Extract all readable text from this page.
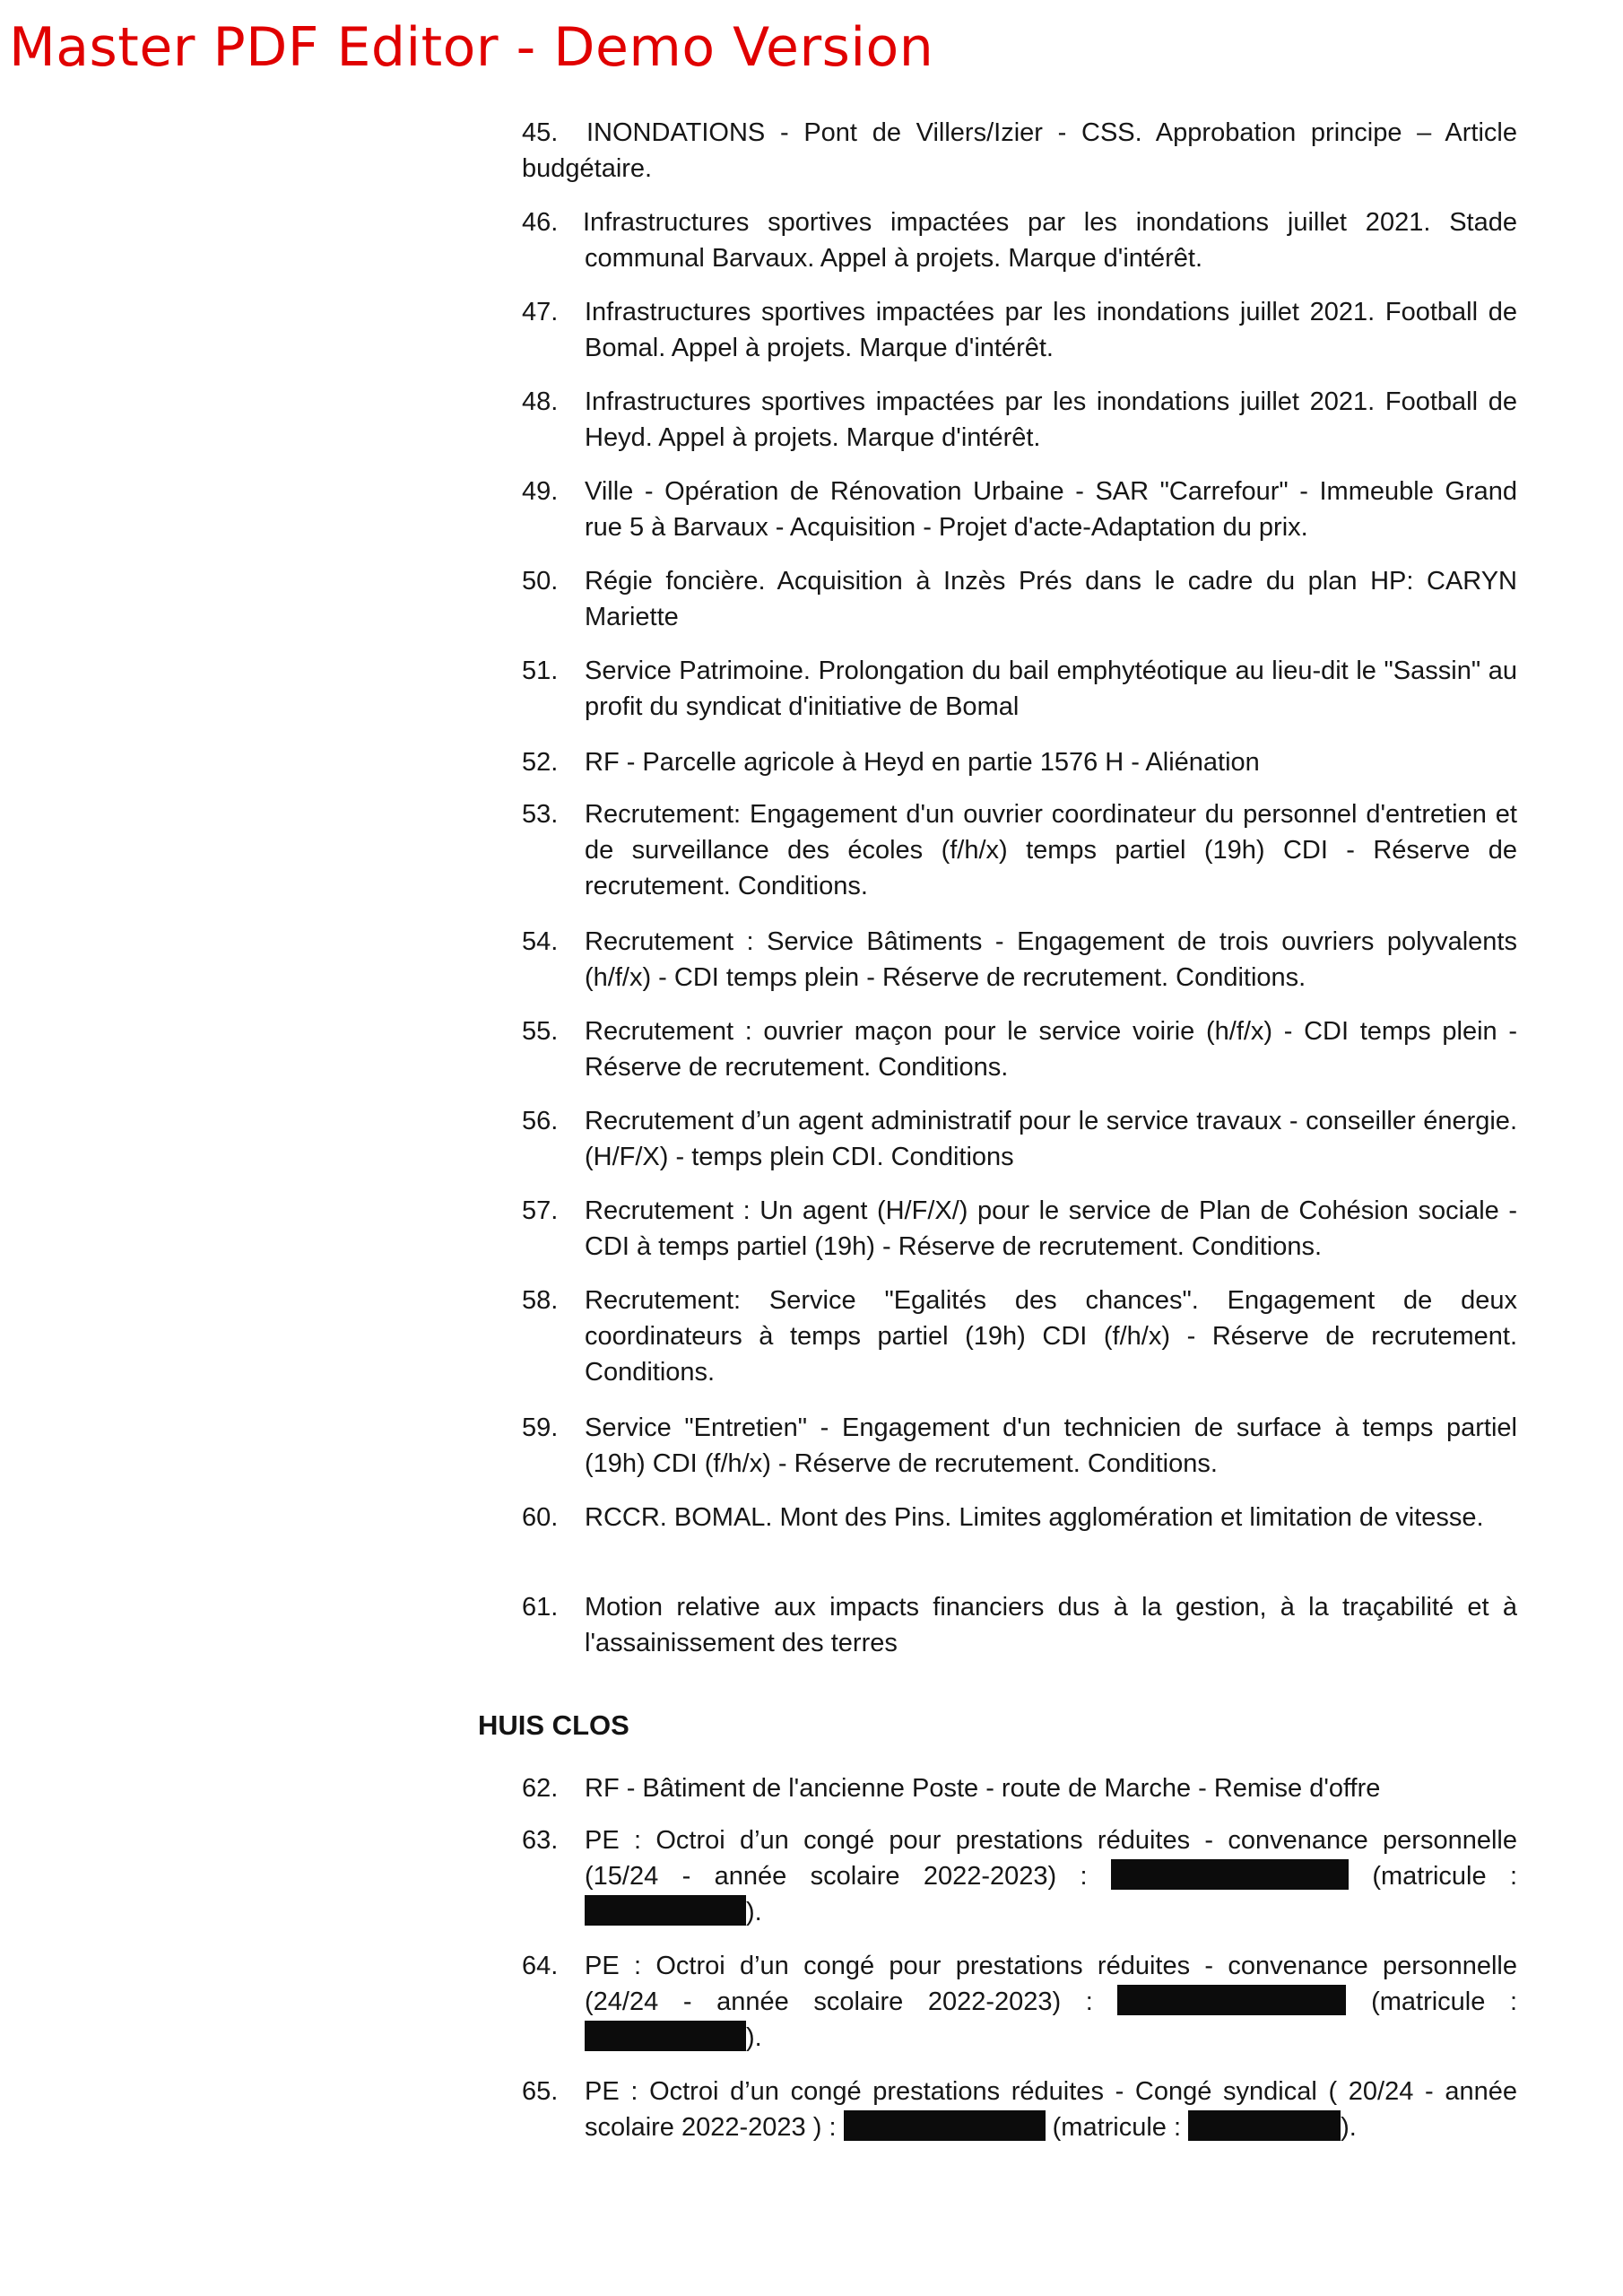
Master PDF Editor - Demo Version
45.	INONDATIONS - Pont de Villers/Izier - CSS. Approbation principe – Article budgétaire.
46. Infrastructures sportives impactées par les inondations juillet 2021. Stade communal Barvaux. Appel à projets. Marque d'intérêt.
47.	Infrastructures sportives impactées par les inondations juillet 2021. Football de Bomal. Appel à projets. Marque d'intérêt.
48.	Infrastructures sportives impactées par les inondations juillet 2021. Football de Heyd. Appel à projets. Marque d'intérêt.
49.	Ville - Opération de Rénovation Urbaine - SAR "Carrefour" - Immeuble Grand rue 5 à Barvaux - Acquisition - Projet d'acte-Adaptation du prix.
50.	Régie foncière. Acquisition à Inzès Prés dans le cadre du plan HP: CARYN Mariette
51.	Service Patrimoine. Prolongation du bail emphytéotique au lieu-dit le "Sassin" au profit du syndicat d'initiative de Bomal
52.	RF - Parcelle agricole à Heyd en partie 1576 H - Aliénation
53.	Recrutement: Engagement d'un ouvrier coordinateur du personnel d'entretien et de surveillance des écoles (f/h/x) temps partiel (19h) CDI - Réserve de recrutement. Conditions.
54.	Recrutement : Service Bâtiments - Engagement de trois ouvriers polyvalents (h/f/x) - CDI temps plein - Réserve de recrutement. Conditions.
55.	Recrutement : ouvrier maçon pour le service voirie (h/f/x) - CDI temps plein - Réserve de recrutement. Conditions.
56.	Recrutement d’un agent administratif pour le service travaux - conseiller énergie. (H/F/X) - temps plein CDI. Conditions
57.	Recrutement : Un agent (H/F/X/) pour le service de Plan de Cohésion sociale - CDI à temps partiel (19h) - Réserve de recrutement. Conditions.
58.	Recrutement: Service "Egalités des chances". Engagement de deux coordinateurs à temps partiel (19h) CDI (f/h/x) - Réserve de recrutement. Conditions.
59.	Service "Entretien" - Engagement d'un technicien de surface à temps partiel (19h) CDI (f/h/x) - Réserve de recrutement. Conditions.
60.	RCCR. BOMAL. Mont des Pins. Limites agglomération et limitation de vitesse.
61.	Motion relative aux impacts financiers dus à la gestion, à la traçabilité et à l'assainissement des terres
HUIS CLOS
62.	RF - Bâtiment de l'ancienne Poste - route de Marche - Remise d'offre
63.	PE : Octroi d’un congé pour prestations réduites - convenance personnelle (15/24 - année scolaire 2022-2023) :	(matricule : ).
64.	PE : Octroi d’un congé pour prestations réduites - convenance personnelle (24/24 - année scolaire 2022-2023) :	(matricule : ).
65.	PE : Octroi d’un congé prestations réduites - Congé syndical ( 20/24 - année scolaire 2022-2023 ) :	(matricule :	).
